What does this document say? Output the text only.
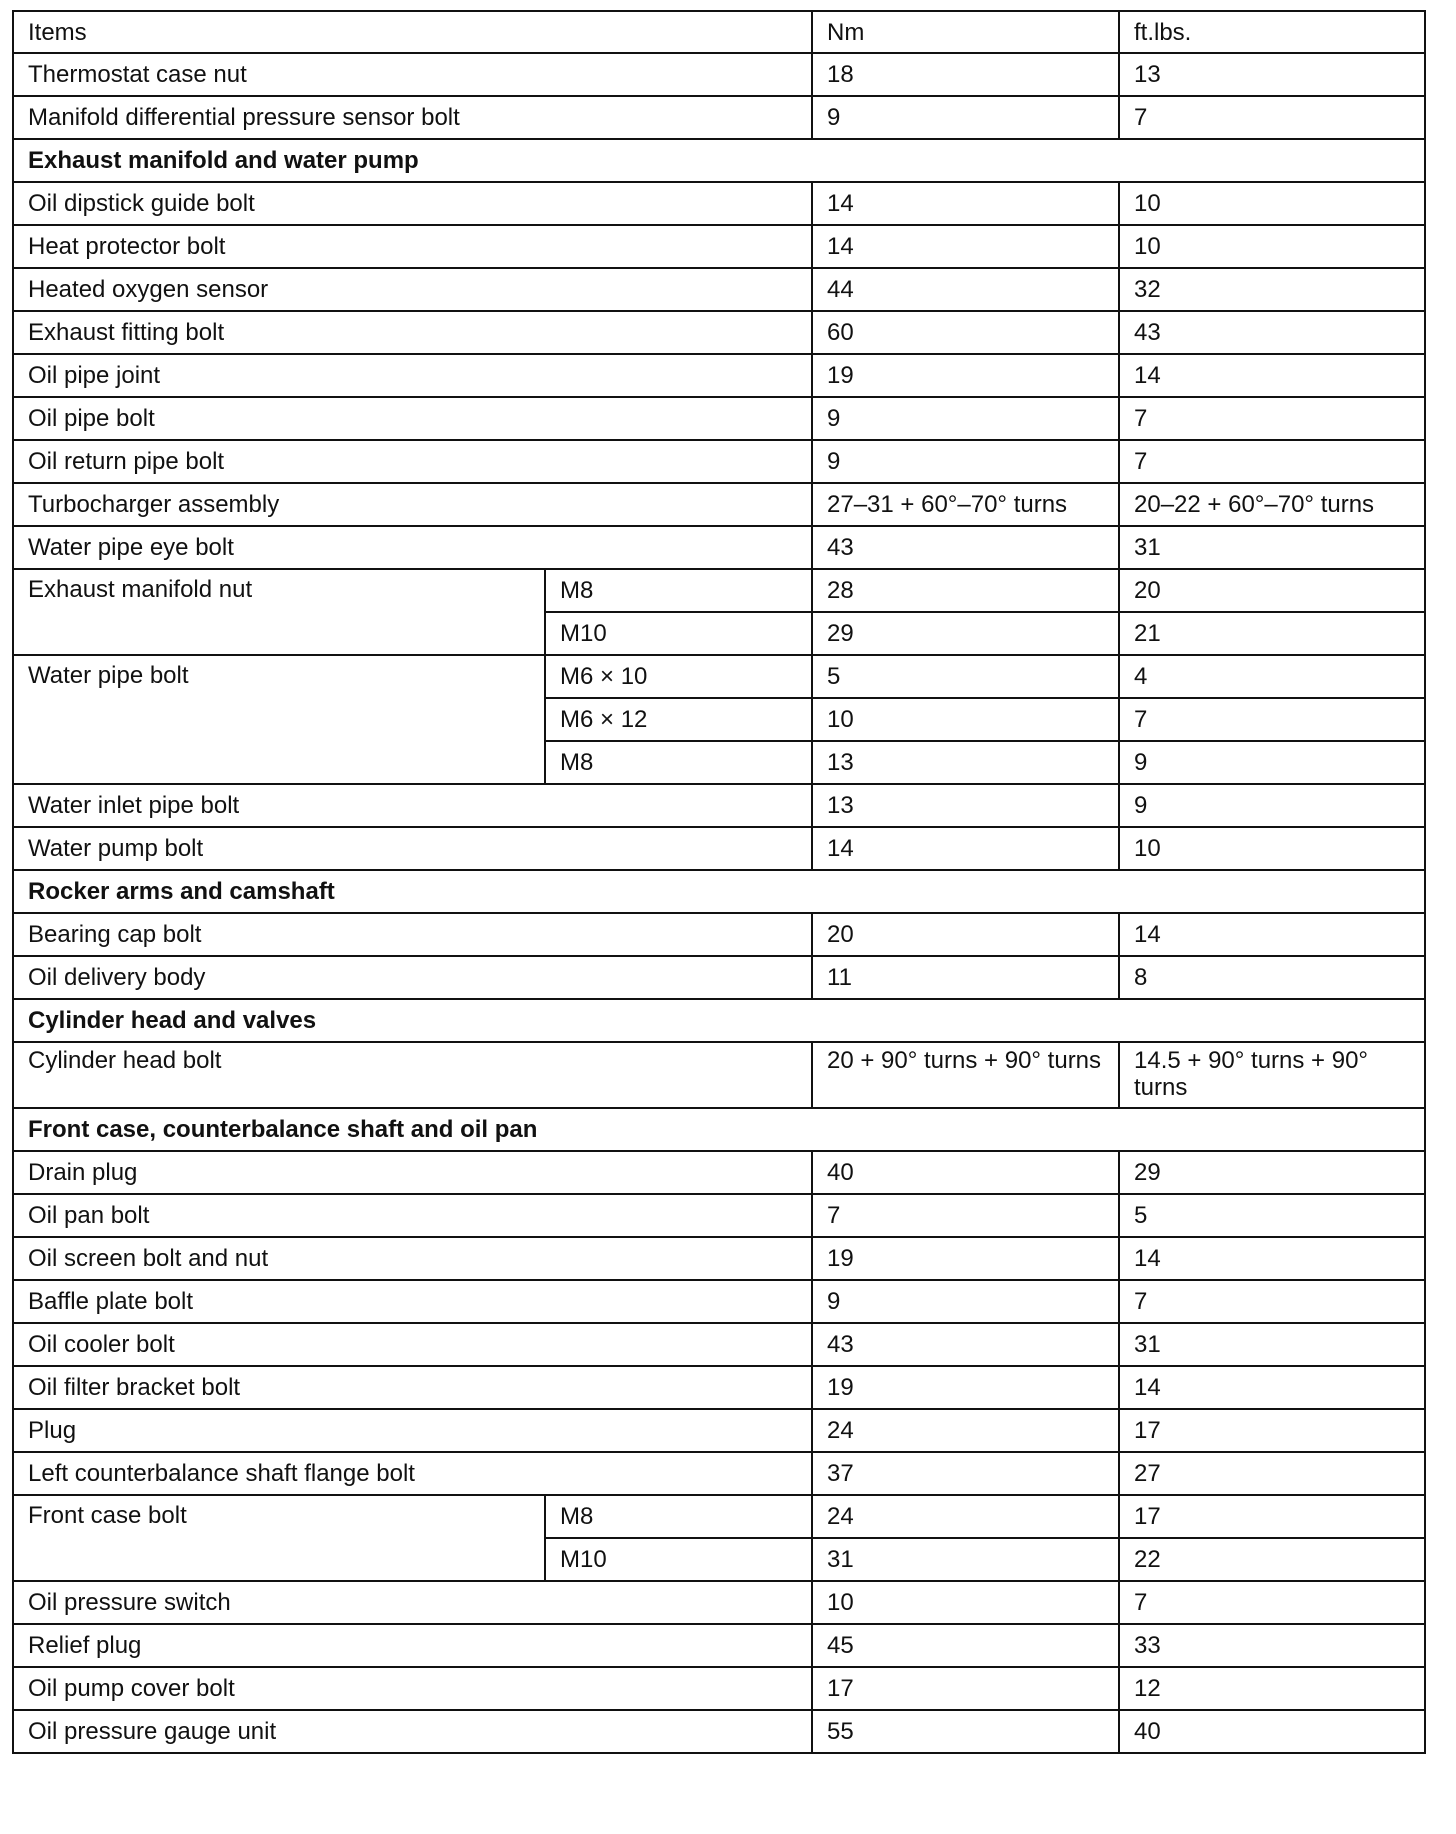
Items		Nm	ft.lbs.
Thermostat case nut		18	13
Manifold differential pressure sensor bolt		9	7
Exhaust manifold and water pump			
Oil dipstick guide bolt		14	10
Heat protector bolt		14	10
Heated oxygen sensor		44	32
Exhaust fitting bolt		60	43
Oil pipe joint		19	14
Oil pipe bolt		9	7
Oil return pipe bolt		9	7
Turbocharger assembly		27–31 + 60°–70° turns	20–22 + 60°–70° turns
Water pipe eye bolt		43	31
Exhaust manifold nut	M8	28	20
	M10	29	21
Water pipe bolt	M6 × 10	5	4
	M6 × 12	10	7
	M8	13	9
Water inlet pipe bolt		13	9
Water pump bolt		14	10
Rocker arms and camshaft			
Bearing cap bolt		20	14
Oil delivery body		11	8
Cylinder head and valves			
Cylinder head bolt		20 + 90° turns + 90° turns	14.5 + 90° turns + 90° turns
Front case, counterbalance shaft and oil pan			
Drain plug		40	29
Oil pan bolt		7	5
Oil screen bolt and nut		19	14
Baffle plate bolt		9	7
Oil cooler bolt		43	31
Oil filter bracket bolt		19	14
Plug		24	17
Left counterbalance shaft flange bolt		37	27
Front case bolt	M8	24	17
	M10	31	22
Oil pressure switch		10	7
Relief plug		45	33
Oil pump cover bolt		17	12
Oil pressure gauge unit		55	40
